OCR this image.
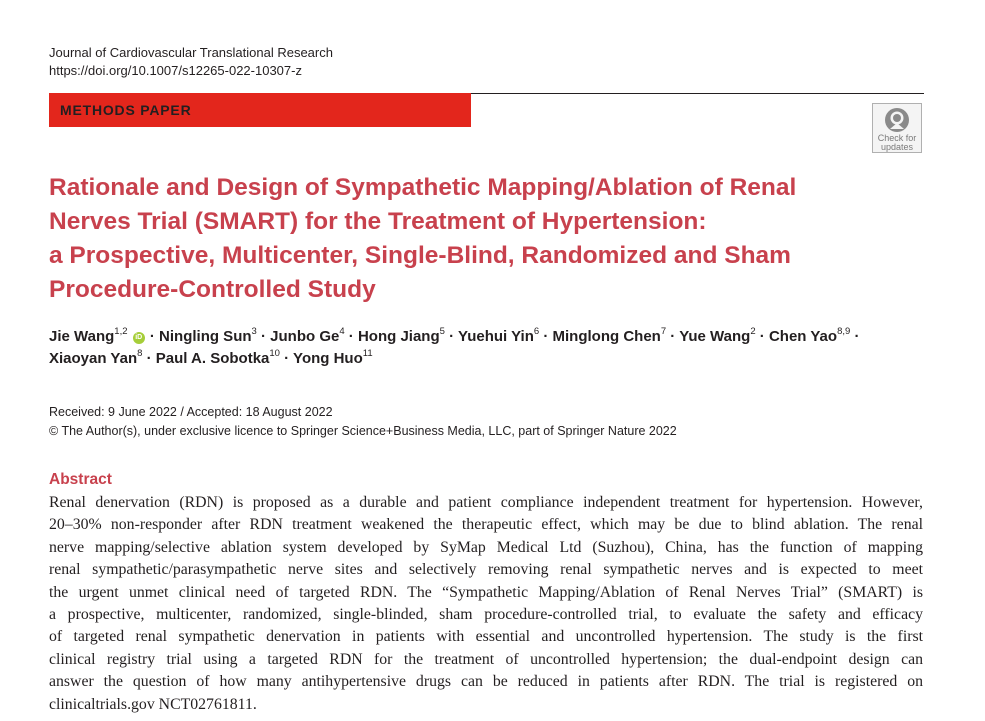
Journal of Cardiovascular Translational Research
https://doi.org/10.1007/s12265-022-10307-z
METHODS PAPER
Check for
updates
Rationale and Design of Sympathetic Mapping/Ablation of Renal
Nerves Trial (SMART) for the Treatment of Hypertension:
a Prospective, Multicenter, Single-Blind, Randomized and Sham
Procedure-Controlled Study
Jie Wang$^{1,2}$ iD · Ningling Sun$^3$ · Junbo $Ge^4$ · Hong Jiang$^5$ · Yuehui Yin$^6$ · Minglong Chen$^7$ · Yue Wang$^2$ · Chen Yao$^{8,9}$ ·
Xiaoyan Yan$^8$ · Paul A. Sobotka$^{10}$ · Yong Huo$^{11}$
Received: 9 June 2022 / Accepted: 18 August 2022
© The Author(s), under exclusive licence to Springer Science+Business Media, LLC, part of Springer Nature 2022
Abstract
Renal denervation (RDN) is proposed as a durable and patient compliance independent treatment for hypertension. However,
20–30% non-responder after RDN treatment weakened the therapeutic effect, which may be due to blind ablation. The renal
nerve mapping/selective ablation system developed by SyMap Medical Ltd (Suzhou), China, has the function of mapping
renal sympathetic/parasympathetic nerve sites and selectively removing renal sympathetic nerves and is expected to meet
the urgent unmet clinical need of targeted RDN. The “Sympathetic Mapping/Ablation of Renal Nerves Trial” (SMART) is
a prospective, multicenter, randomized, single-blinded, sham procedure-controlled trial, to evaluate the safety and efficacy
of targeted renal sympathetic denervation in patients with essential and uncontrolled hypertension. The study is the first
clinical registry trial using a targeted RDN for the treatment of uncontrolled hypertension; the dual-endpoint design can
answer the question of how many antihypertensive drugs can be reduced in patients after RDN. The trial is registered on
clinicaltrials.gov NCT02761811.
